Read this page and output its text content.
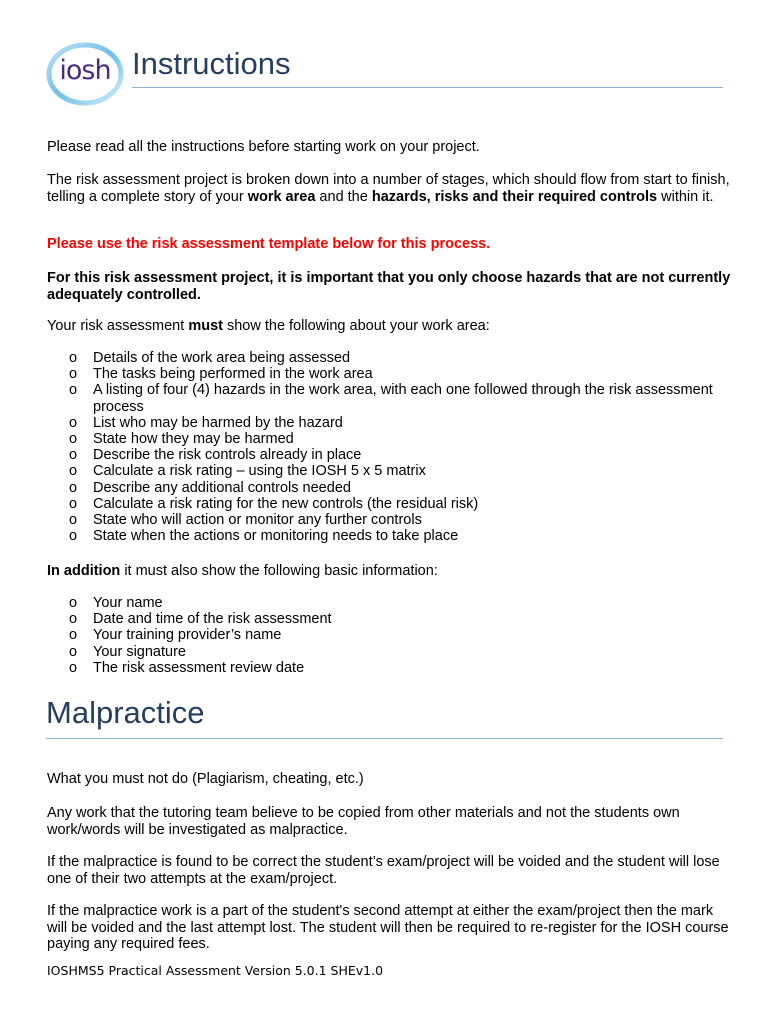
iosh Instructions

Please read all the instructions before starting work on your project.

The risk assessment project is broken down into a number of stages, which should flow from start to finish, telling a complete story of your work area and the hazards, risks and their required controls within it.

Please use the risk assessment template below for this process.

For this risk assessment project, it is important that you only choose hazards that are not currently adequately controlled.

Your risk assessment must show the following about your work area:

o Details of the work area being assessed
o The tasks being performed in the work area
o A listing of four (4) hazards in the work area, with each one followed through the risk assessment process
o List who may be harmed by the hazard
o State how they may be harmed
o Describe the risk controls already in place
o Calculate a risk rating – using the IOSH 5 x 5 matrix
o Describe any additional controls needed
o Calculate a risk rating for the new controls (the residual risk)
o State who will action or monitor any further controls
o State when the actions or monitoring needs to take place

In addition it must also show the following basic information:

o Your name
o Date and time of the risk assessment
o Your training provider’s name
o Your signature
o The risk assessment review date
Malpractice

What you must not do (Plagiarism, cheating, etc.)

Any work that the tutoring team believe to be copied from other materials and not the students own work/words will be investigated as malpractice.

If the malpractice is found to be correct the student’s exam/project will be voided and the student will lose one of their two attempts at the exam/project.

If the malpractice work is a part of the student's second attempt at either the exam/project then the mark will be voided and the last attempt lost. The student will then be required to re-register for the IOSH course paying any required fees.

IOSHMS5 Practical Assessment Version 5.0.1 SHEv1.0
